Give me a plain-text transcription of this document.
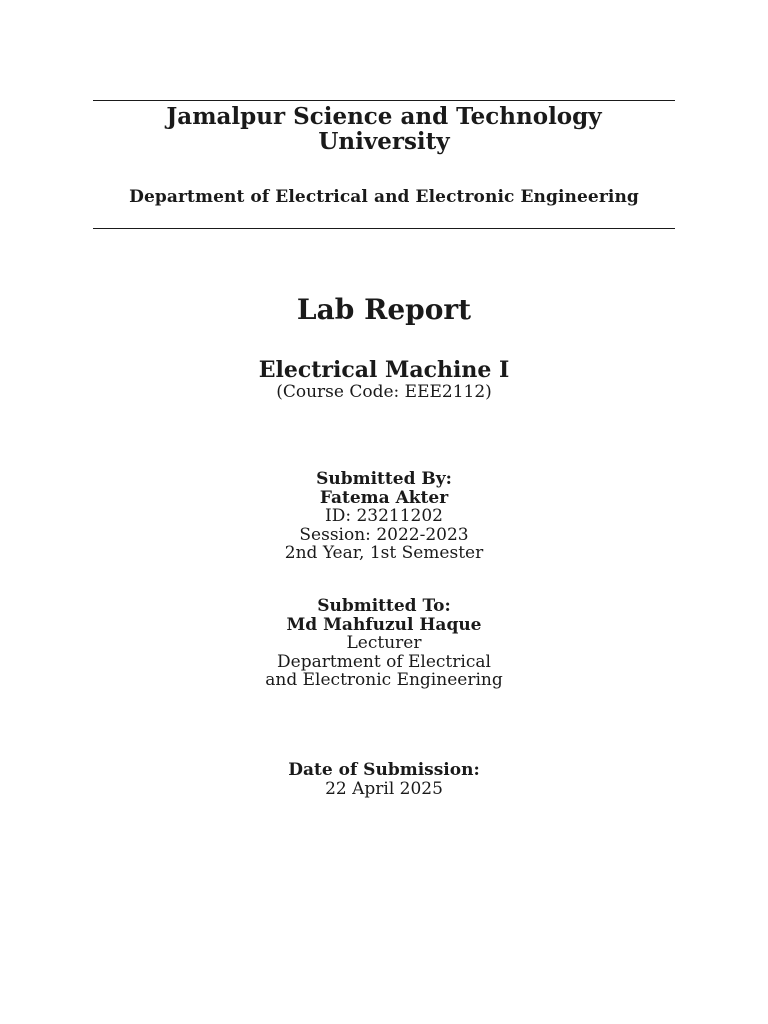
Jamalpur Science and Technology
University
Department of Electrical and Electronic Engineering
Lab Report
Electrical Machine I
(Course Code: EEE2112)
Submitted By:
Fatema Akter
ID: 23211202
Session: 2022-2023
2nd Year, 1st Semester
Submitted To:
Md Mahfuzul Haque
Lecturer
Department of Electrical
and Electronic Engineering
Date of Submission:
22 April 2025
